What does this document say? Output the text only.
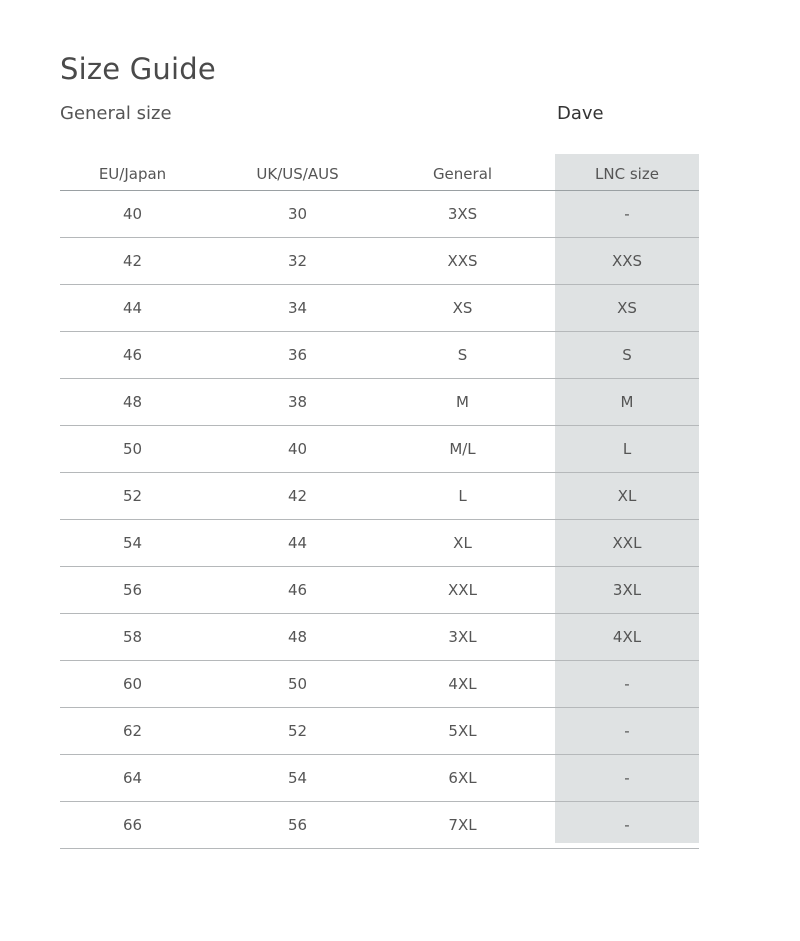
Size Guide
General size	Dave
EU/Japan	UK/US/AUS	General	LNC size
40	30	3XS	-
42	32	XXS	XXS
44	34	XS	XS
46	36	S	S
48	38	M	M
50	40	M/L	L
52	42	L	XL
54	44	XL	XXL
56	46	XXL	3XL
58	48	3XL	4XL
60	50	4XL	-
62	52	5XL	-
64	54	6XL	-
66	56	7XL	-
